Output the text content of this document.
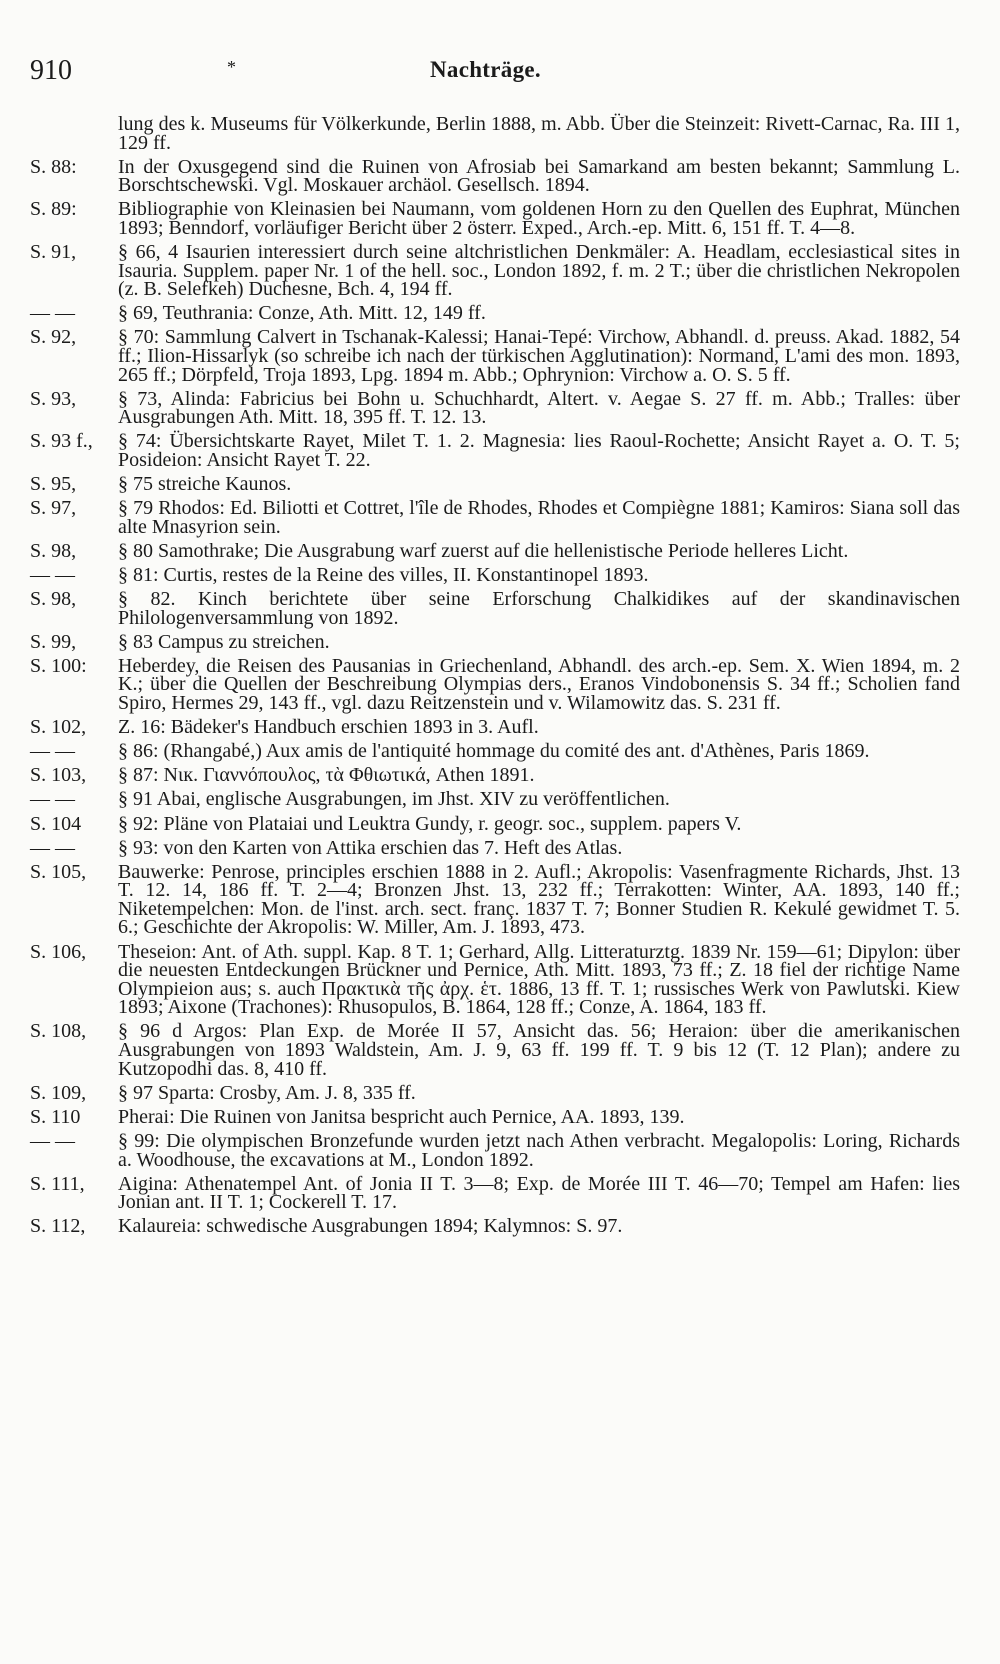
910	*	Nachträge.
lung des k. Museums für Völkerkunde, Berlin 1888, m. Abb. Über die Steinzeit: Rivett-Carnac, Ra. III 1, 129 ff.
S. 88: In der Oxusgegend sind die Ruinen von Afrosiab bei Samarkand am besten bekannt; Sammlung L. Borschtschewski. Vgl. Moskauer archäol. Gesellsch. 1894.
S. 89: Bibliographie von Kleinasien bei Naumann, vom goldenen Horn zu den Quellen des Euphrat, München 1893; Benndorf, vorläufiger Bericht über 2 österr. Exped., Arch.-ep. Mitt. 6, 151 ff. T. 4—8.
S. 91, § 66, 4 Isaurien interessiert durch seine altchristlichen Denkmäler: A. Headlam, ecclesiastical sites in Isauria. Supplem. paper Nr. 1 of the hell. soc., London 1892, f. m. 2 T.; über die christlichen Nekropolen (z. B. Selefkeh) Duchesne, Bch. 4, 194 ff.
— — § 69, Teuthrania: Conze, Ath. Mitt. 12, 149 ff.
S. 92, § 70: Sammlung Calvert in Tschanak-Kalessi; Hanai-Tepé: Virchow, Abhandl. d. preuss. Akad. 1882, 54 ff.; Ilion-Hissarlyk (so schreibe ich nach der türkischen Agglutination): Normand, L'ami des mon. 1893, 265 ff.; Dörpfeld, Troja 1893, Lpg. 1894 m. Abb.; Ophrynion: Virchow a. O. S. 5 ff.
S. 93, § 73, Alinda: Fabricius bei Bohn u. Schuchhardt, Altert. v. Aegae S. 27 ff. m. Abb.; Tralles: über Ausgrabungen Ath. Mitt. 18, 395 ff. T. 12. 13.
S. 93 f., § 74: Übersichtskarte Rayet, Milet T. 1. 2. Magnesia: lies Raoul-Rochette; Ansicht Rayet a. O. T. 5; Posideion: Ansicht Rayet T. 22.
S. 95, § 75 streiche Kaunos.
S. 97, § 79 Rhodos: Ed. Biliotti et Cottret, l'île de Rhodes, Rhodes et Compiègne 1881; Kamiros: Siana soll das alte Mnasyrion sein.
S. 98, § 80 Samothrake; Die Ausgrabung warf zuerst auf die hellenistische Periode helleres Licht.
— — § 81: Curtis, restes de la Reine des villes, II. Konstantinopel 1893.
S. 98, § 82. Kinch berichtete über seine Erforschung Chalkidikes auf der skandinavischen Philologenversammlung von 1892.
S. 99, § 83 Campus zu streichen.
S. 100: Heberdey, die Reisen des Pausanias in Griechenland, Abhandl. des arch.-ep. Sem. X. Wien 1894, m. 2 K.; über die Quellen der Beschreibung Olympias ders., Eranos Vindobonensis S. 34 ff.; Scholien fand Spiro, Hermes 29, 143 ff., vgl. dazu Reitzenstein und v. Wilamowitz das. S. 231 ff.
S. 102, Z. 16: Bädeker's Handbuch erschien 1893 in 3. Aufl.
— — § 86: (Rhangabé,) Aux amis de l'antiquité hommage du comité des ant. d'Athènes, Paris 1869.
S. 103, § 87: Νιк. Γιαννόπουλος, τὰ Φθιωτικά, Athen 1891.
— — § 91 Abai, englische Ausgrabungen, im Jhst. XIV zu veröffentlichen.
S. 104 § 92: Pläne von Plataiai und Leuktra Gundy, r. geogr. soc., supplem. papers V.
— — § 93: von den Karten von Attika erschien das 7. Heft des Atlas.
S. 105, Bauwerke: Penrose, principles erschien 1888 in 2. Aufl.; Akropolis: Vasenfragmente Richards, Jhst. 13 T. 12. 14, 186 ff. T. 2—4; Bronzen Jhst. 13, 232 ff.; Terrakotten: Winter, AA. 1893, 140 ff.; Niketempelchen: Mon. de l'inst. arch. sect. franç. 1837 T. 7; Bonner Studien R. Kekulé gewidmet T. 5. 6.; Geschichte der Akropolis: W. Miller, Am. J. 1893, 473.
S. 106, Theseion: Ant. of Ath. suppl. Kap. 8 T. 1; Gerhard, Allg. Litteraturztg. 1839 Nr. 159—61; Dipylon: über die neuesten Entdeckungen Brückner und Pernice, Ath. Mitt. 1893, 73 ff.; Z. 18 fiel der richtige Name Olympieion aus; s. auch Πρακτικὰ τῆς ἀρχ. ἑτ. 1886, 13 ff. T. 1; russisches Werk von Pawlutski. Kiew 1893; Aixone (Trachones): Rhusopulos, B. 1864, 128 ff.; Conze, A. 1864, 183 ff.
S. 108, § 96 d Argos: Plan Exp. de Morée II 57, Ansicht das. 56; Heraion: über die amerikanischen Ausgrabungen von 1893 Waldstein, Am. J. 9, 63 ff. 199 ff. T. 9 bis 12 (T. 12 Plan); andere zu Kutzopodhi das. 8, 410 ff.
S. 109, § 97 Sparta: Crosby, Am. J. 8, 335 ff.
S. 110 Pherai: Die Ruinen von Janitsa bespricht auch Pernice, AA. 1893, 139.
— — § 99: Die olympischen Bronzefunde wurden jetzt nach Athen verbracht. Megalopolis: Loring, Richards a. Woodhouse, the excavations at M., London 1892.
S. 111, Aigina: Athenatempel Ant. of Jonia II T. 3—8; Exp. de Morée III T. 46—70; Tempel am Hafen: lies Jonian ant. II T. 1; Cockerell T. 17.
S. 112, Kalaureia: schwedische Ausgrabungen 1894; Kalymnos: S. 97.
